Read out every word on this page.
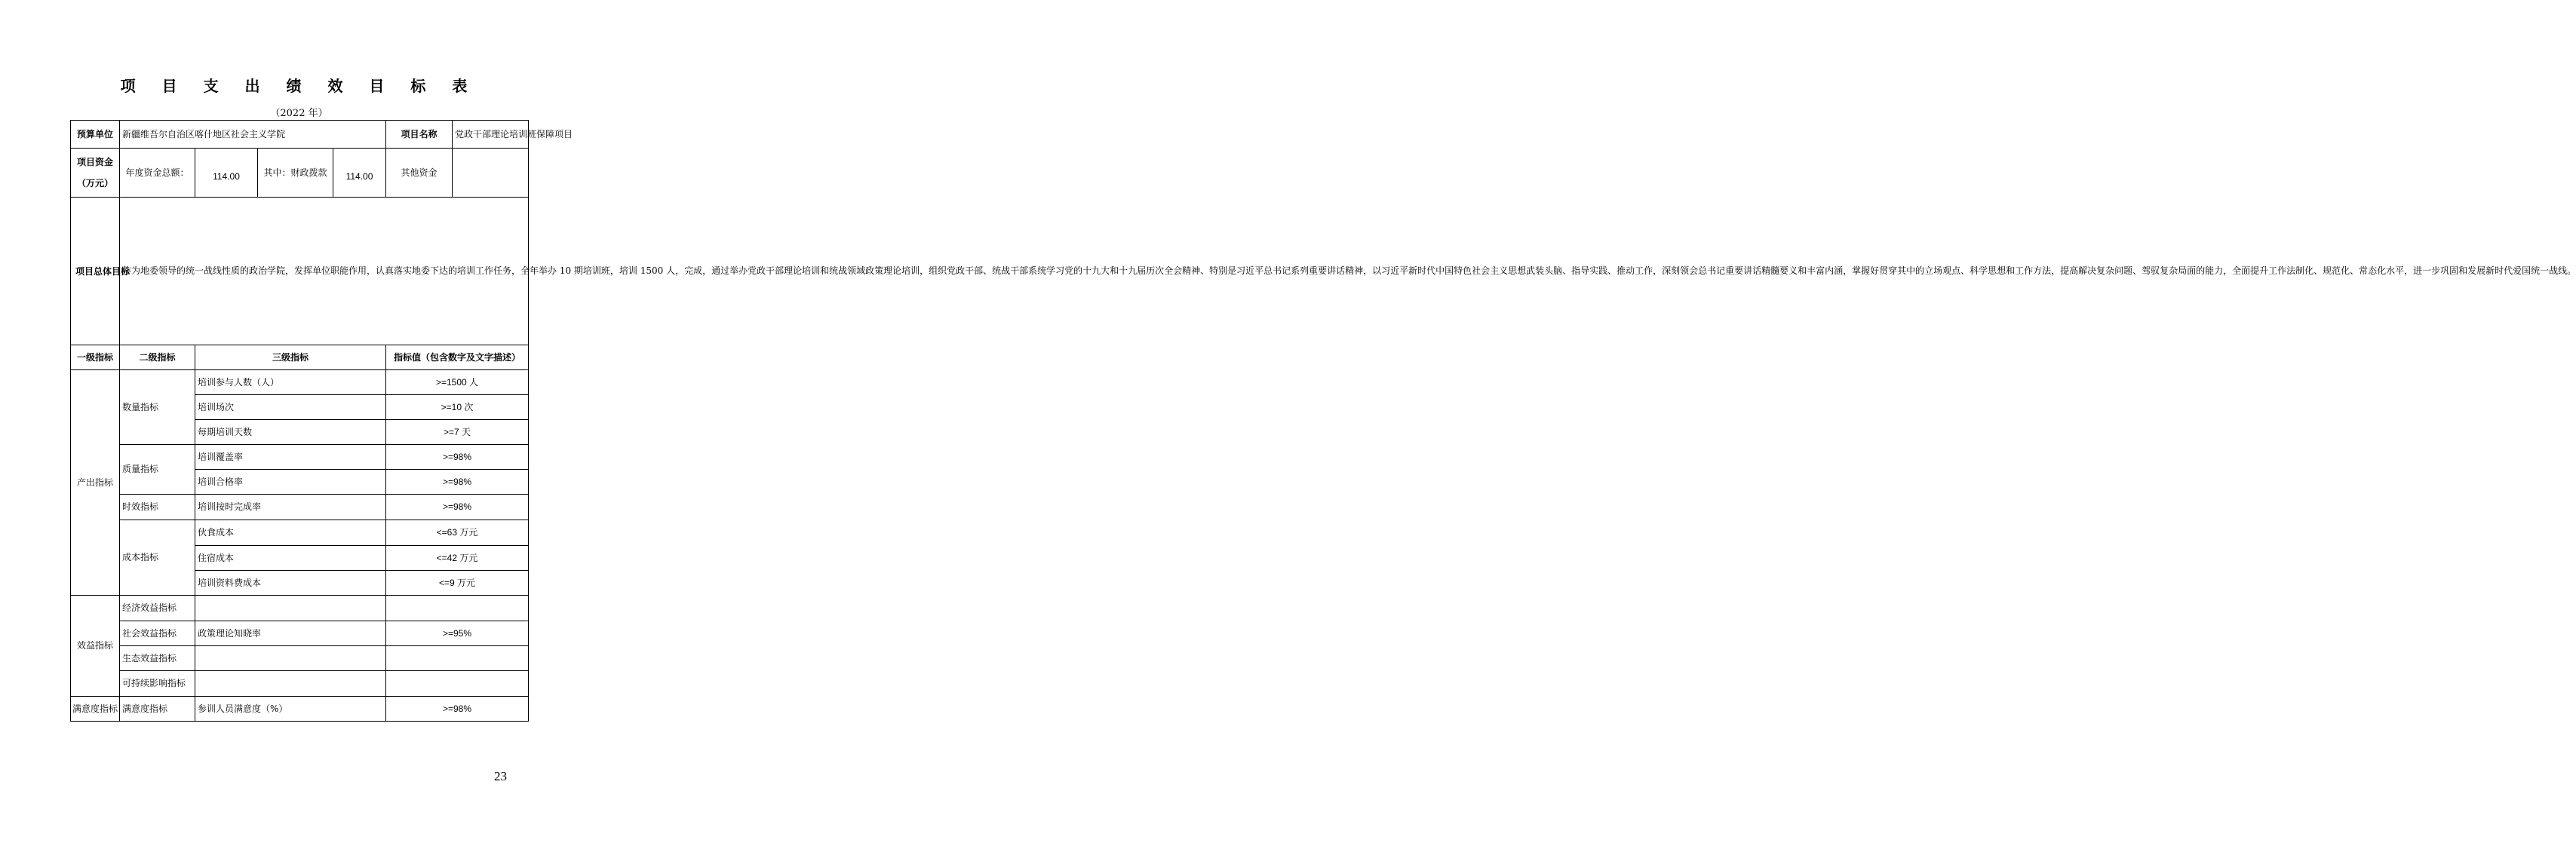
项 目 支 出 绩 效 目 标 表
（2022 年）
预算单位	新疆维吾尔自治区喀什地区社会主义学院				项目名称	党政干部理论培训班保障项目
项目资金
（万元）	年度资金总额：	114.00	其中：财政拨款	114.00	其他资金	
项目总体目标	作为地委领导的统一战线性质的政治学院，发挥单位职能作用，认真落实地委下达的培训工作任务，全年举办 10 期培训班，培训 1500 人，完成，通过举办党政干部理论培训和统战领域政策理论培训，组织党政干部、统战干部系统学习党的十九大和十九届历次全会精神、特别是习近平总书记系列重要讲话精神，以习近平新时代中国特色社会主义思想武装头脑、指导实践、推动工作，深刻领会总书记重要讲话精髓要义和丰富内涵，掌握好贯穿其中的立场观点、科学思想和工作方法，提高解决复杂问题、驾驭复杂局面的能力，全面提升工作法制化、规范化、常态化水平，进一步巩固和发展新时代爱国统一战线。					
一级指标	二级指标	三级指标			指标值（包含数字及文字描述）	
产出指标	数量指标	培训参与人数（人）			>=1500 人	
		培训场次			>=10 次	
		每期培训天数			>=7 天	
	质量指标	培训覆盖率			>=98%	
		培训合格率			>=98%	
	时效指标	培训按时完成率			>=98%	
	成本指标	伙食成本			<=63 万元	
		住宿成本			<=42 万元	
		培训资料费成本			<=9 万元	
效益指标	经济效益指标					
	社会效益指标	政策理论知晓率			>=95%	
	生态效益指标					
	可持续影响指标					
满意度指标	满意度指标	参训人员满意度（%）			>=98%	
23
